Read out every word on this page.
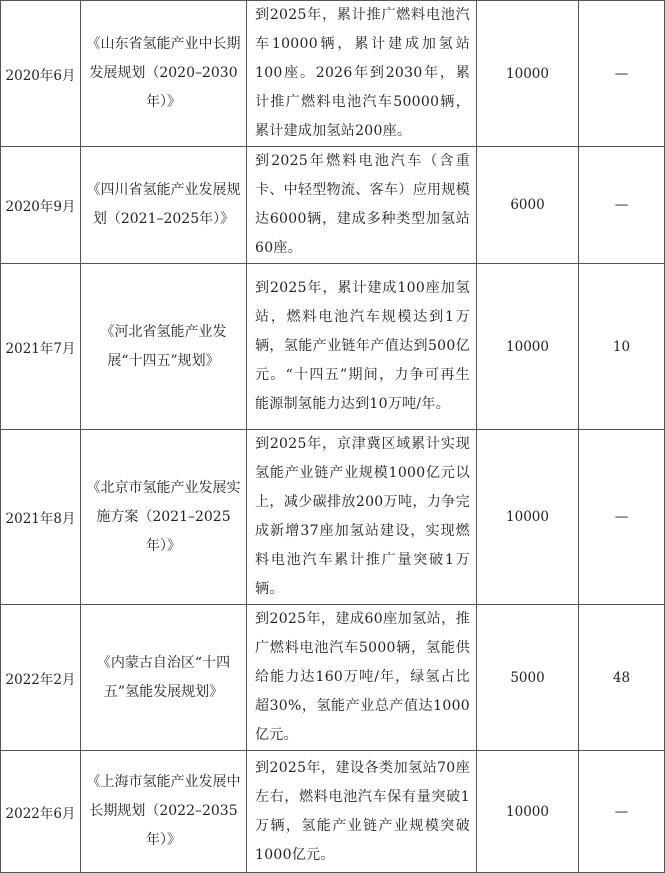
2020年6月	《山东省氢能产业中长期发展规划（2020–2030年）》	到2025年，累计推广燃料电池汽车10000辆，累计建成加氢站100座。2026年到2030年，累计推广燃料电池汽车50000辆，累计建成加氢站200座。	10000	—
2020年9月	《四川省氢能产业发展规划（2021–2025年）》	到2025年燃料电池汽车（含重卡、中轻型物流、客车）应用规模达6000辆，建成多种类型加氢站60座。	6000	—
2021年7月	《河北省氢能产业发展“十四五”规划》	到2025年，累计建成100座加氢站，燃料电池汽车规模达到1万辆，氢能产业链年产值达到500亿元。“十四五”期间，力争可再生能源制氢能力达到10万吨/年。	10000	10
2021年8月	《北京市氢能产业发展实施方案（2021–2025年）》	到2025年，京津冀区域累计实现氢能产业链产业规模1000亿元以上，减少碳排放200万吨，力争完成新增37座加氢站建设，实现燃料电池汽车累计推广量突破1万辆。	10000	—
2022年2月	《内蒙古自治区“十四五”氢能发展规划》	到2025年，建成60座加氢站，推广燃料电池汽车5000辆，氢能供给能力达160万吨/年，绿氢占比超30%，氢能产业总产值达1000亿元。	5000	48
2022年6月	《上海市氢能产业发展中长期规划（2022–2035年）》	到2025年，建设各类加氢站70座左右，燃料电池汽车保有量突破1万辆，氢能产业链产业规模突破1000亿元。	10000	—
